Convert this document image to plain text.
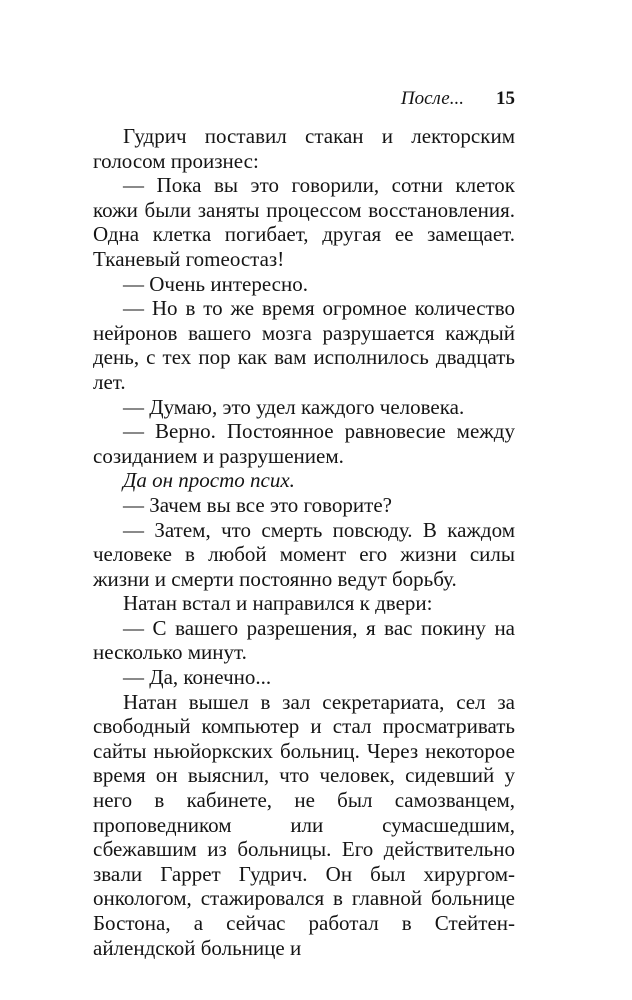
После... 15

Гудрич поставил стакан и лекторским голосом произнес:

— Пока вы это говорили, сотни клеток кожи были заняты процессом восстановления. Одна клетка погибает, другая ее замещает. Тканевый гоmеостаз!

— Очень интересно.

— Но в то же время огромное количество нейронов вашего мозга разрушается каждый день, с тех пор как вам исполнилось двадцать лет.

— Думаю, это удел каждого человека.

— Верно. Постоянное равновесие между созиданием и разрушением.

Да он просто псих.

— Зачем вы все это говорите?

— Затем, что смерть повсюду. В каждом человеке в любой момент его жизни силы жизни и смерти постоянно ведут борьбу.

Натан встал и направился к двери:

— С вашего разрешения, я вас покину на несколько минут.

— Да, конечно...

Натан вышел в зал секретариата, сел за свободный компьютер и стал просматривать сайты ньюйоркских больниц. Через некоторое время он выяснил, что человек, сидевший у него в кабинете, не был самозванцем, проповедником или сумасшедшим, сбежавшим из больницы. Его действительно звали Гаррет Гудрич. Он был хирургом-онкологом, стажировался в главной больнице Бостона, а сейчас работал в Стейтен-айлендской больнице и
